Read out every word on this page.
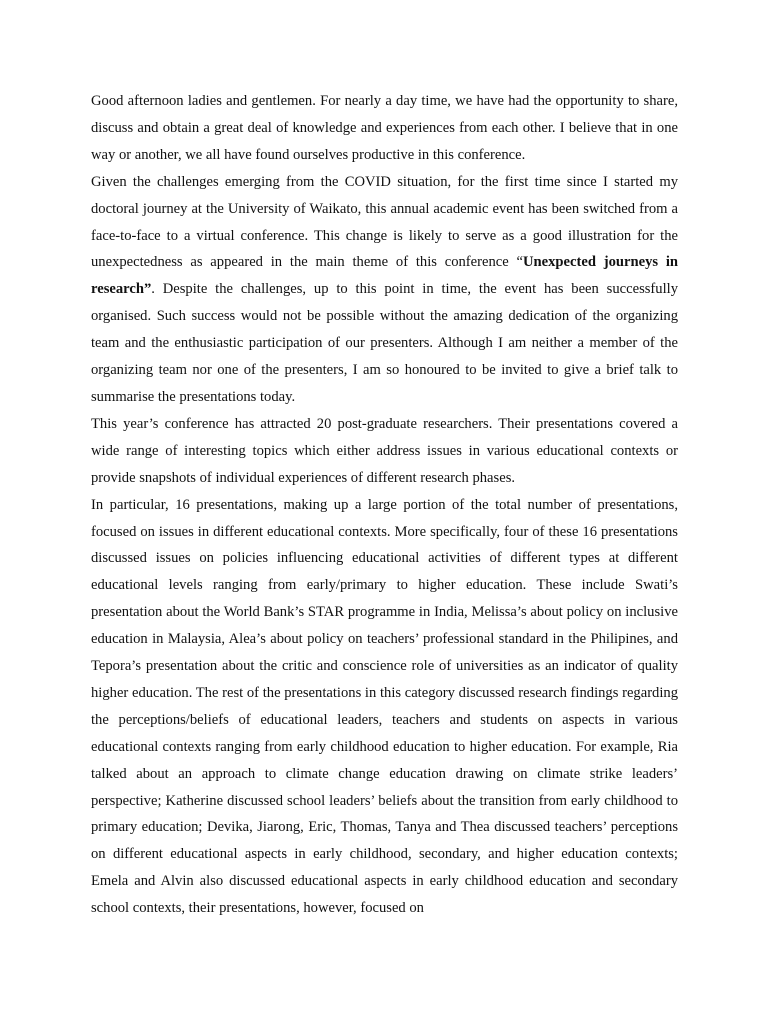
Good afternoon ladies and gentlemen. For nearly a day time, we have had the opportunity to share, discuss and obtain a great deal of knowledge and experiences from each other. I believe that in one way or another, we all have found ourselves productive in this conference.

Given the challenges emerging from the COVID situation, for the first time since I started my doctoral journey at the University of Waikato, this annual academic event has been switched from a face-to-face to a virtual conference. This change is likely to serve as a good illustration for the unexpectedness as appeared in the main theme of this conference “Unexpected journeys in research”. Despite the challenges, up to this point in time, the event has been successfully organised. Such success would not be possible without the amazing dedication of the organizing team and the enthusiastic participation of our presenters. Although I am neither a member of the organizing team nor one of the presenters, I am so honoured to be invited to give a brief talk to summarise the presentations today.

This year’s conference has attracted 20 post-graduate researchers. Their presentations covered a wide range of interesting topics which either address issues in various educational contexts or provide snapshots of individual experiences of different research phases.

In particular, 16 presentations, making up a large portion of the total number of presentations, focused on issues in different educational contexts. More specifically, four of these 16 presentations discussed issues on policies influencing educational activities of different types at different educational levels ranging from early/primary to higher education. These include Swati’s presentation about the World Bank’s STAR programme in India, Melissa’s about policy on inclusive education in Malaysia, Alea’s about policy on teachers’ professional standard in the Philipines, and Tepora’s presentation about the critic and conscience role of universities as an indicator of quality higher education. The rest of the presentations in this category discussed research findings regarding the perceptions/beliefs of educational leaders, teachers and students on aspects in various educational contexts ranging from early childhood education to higher education. For example, Ria talked about an approach to climate change education drawing on climate strike leaders’ perspective; Katherine discussed school leaders’ beliefs about the transition from early childhood to primary education; Devika, Jiarong, Eric, Thomas, Tanya and Thea discussed teachers’ perceptions on different educational aspects in early childhood, secondary, and higher education contexts; Emela and Alvin also discussed educational aspects in early childhood education and secondary school contexts, their presentations, however, focused on
